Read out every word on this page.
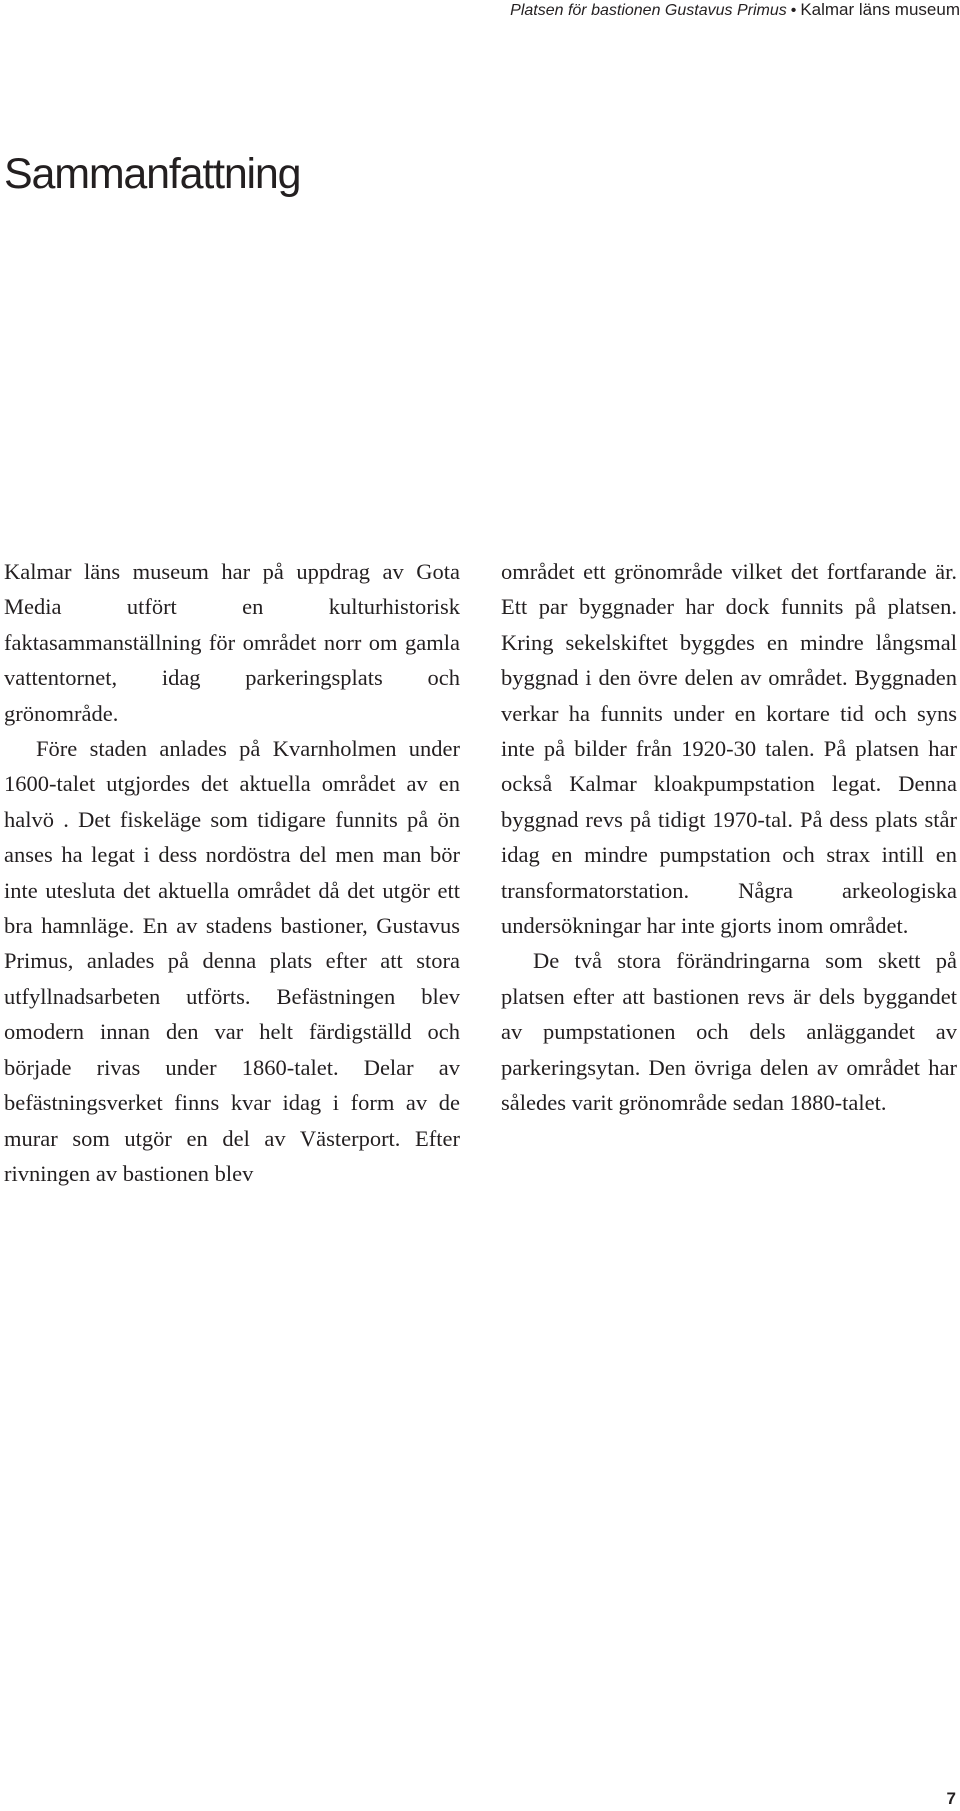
Platsen för bastionen Gustavus Primus • Kalmar läns museum
Sammanfattning

Kalmar läns museum har på uppdrag av Gota Media utfört en kulturhistorisk faktasammanställning för området norr om gamla vattentornet, idag parkeringsplats och grönområde.

Före staden anlades på Kvarnholmen under 1600-talet utgjordes det aktuella området av en halvö . Det fiskeläge som tidigare funnits på ön anses ha legat i dess nordöstra del men man bör inte utesluta det aktuella området då det utgör ett bra hamnläge. En av stadens bastioner, Gustavus Primus, anlades på denna plats efter att stora utfyllnadsarbeten utförts. Befästningen blev omodern innan den var helt färdigställd och började rivas under 1860-talet. Delar av befästningsverket finns kvar idag i form av de murar som utgör en del av Västerport. Efter rivningen av bastionen blev

området ett grönområde vilket det fortfarande är. Ett par byggnader har dock funnits på platsen. Kring sekelskiftet byggdes en mindre långsmal byggnad i den övre delen av området. Byggnaden verkar ha funnits under en kortare tid och syns inte på bilder från 1920-30 talen. På platsen har också Kalmar kloakpumpstation legat. Denna byggnad revs på tidigt 1970-tal. På dess plats står idag en mindre pumpstation och strax intill en transformatorstation. Några arkeologiska undersökningar har inte gjorts inom området.

De två stora förändringarna som skett på platsen efter att bastionen revs är dels byggandet av pumpstationen och dels anläggandet av parkeringsytan. Den övriga delen av området har således varit grönområde sedan 1880-talet.

7
